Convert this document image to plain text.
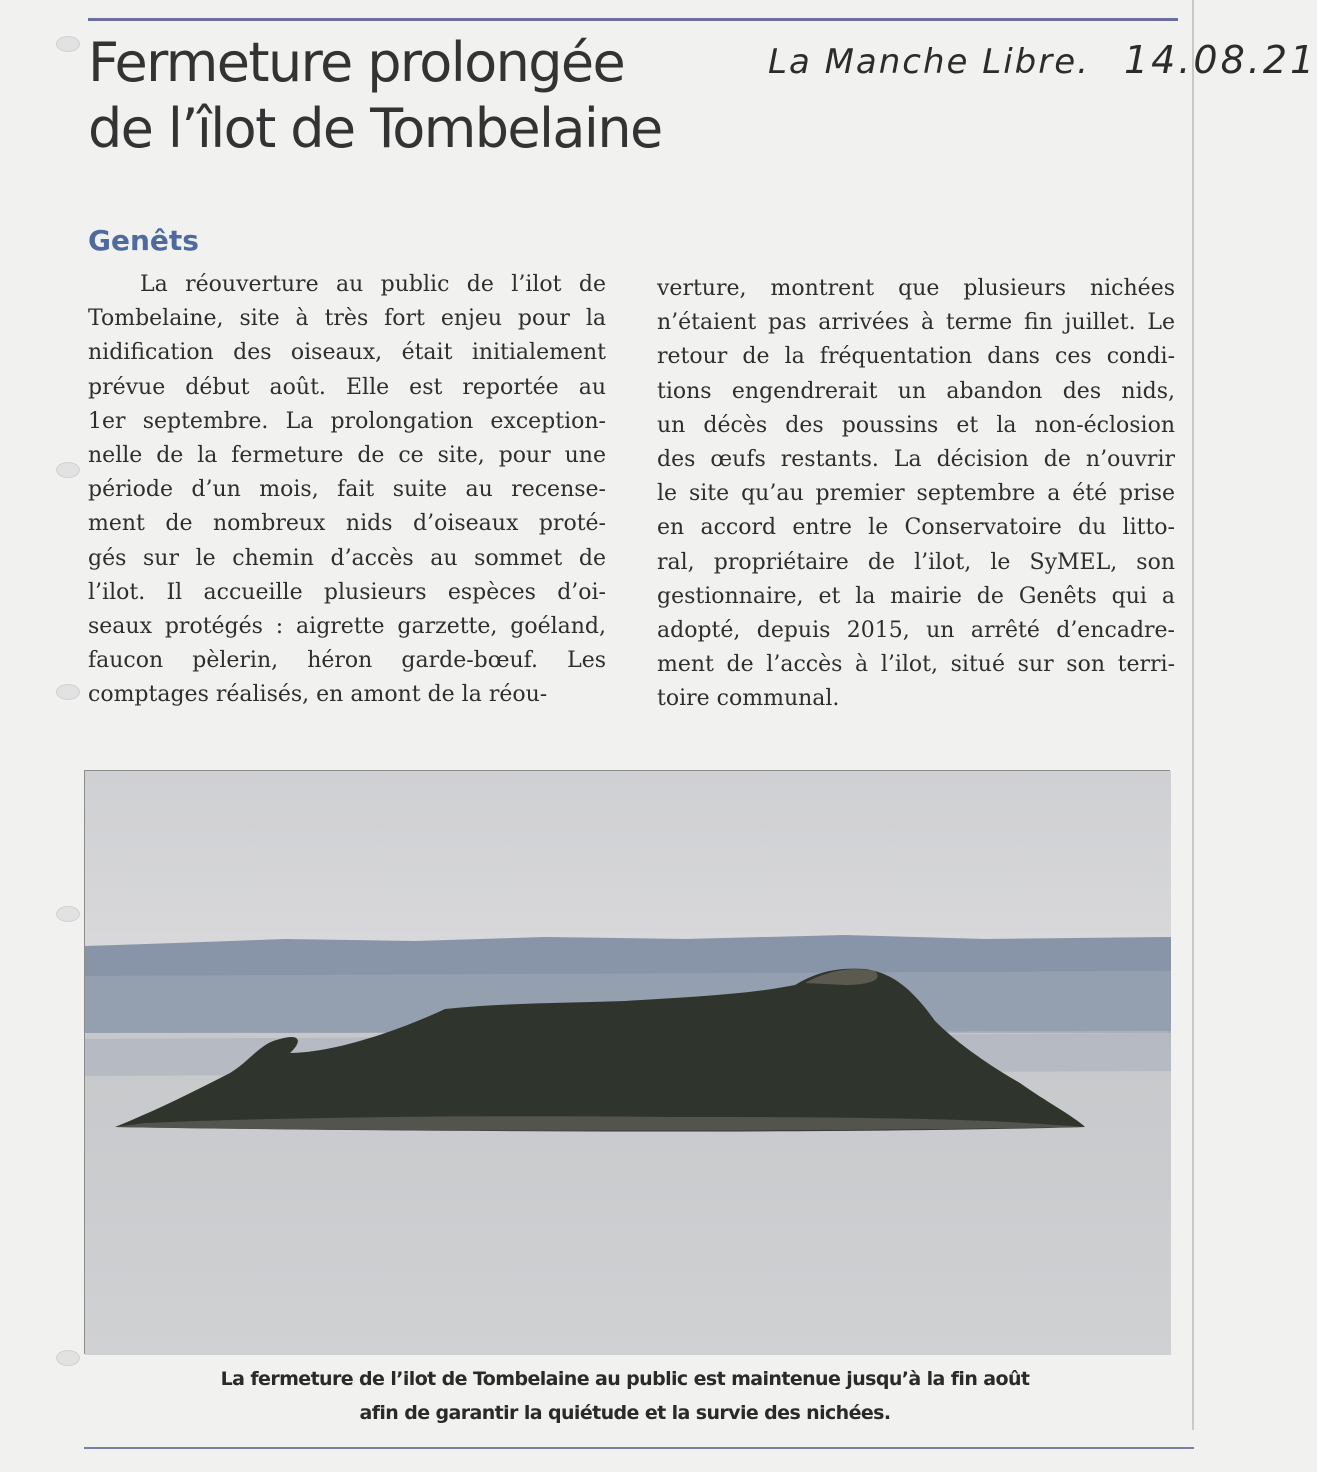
Fermeture prolongée
de l’îlot de Tombelaine
La Manche Libre. 14.08.21
Genêts

La réouverture au public de l’ilot de Tombelaine, site à très fort enjeu pour la nidification des oiseaux, était initialement prévue début août. Elle est reportée au 1er septembre. La prolongation exception- nelle de la fermeture de ce site, pour une période d’un mois, fait suite au recense- ment de nombreux nids d’oiseaux proté- gés sur le chemin d’accès au sommet de l’ilot. Il accueille plusieurs espèces d’oi- seaux protégés : aigrette garzette, goéland, faucon pèlerin, héron garde-bœuf. Les comptages réalisés, en amont de la réou-

verture, montrent que plusieurs nichées n’étaient pas arrivées à terme fin juillet. Le retour de la fréquentation dans ces condi- tions engendrerait un abandon des nids, un décès des poussins et la non-éclosion des œufs restants. La décision de n’ouvrir le site qu’au premier septembre a été prise en accord entre le Conservatoire du litto- ral, propriétaire de l’ilot, le SyMEL, son gestionnaire, et la mairie de Genêts qui a adopté, depuis 2015, un arrêté d’encadre- ment de l’accès à l’ilot, situé sur son terri- toire communal.

La fermeture de l’ilot de Tombelaine au public est maintenue jusqu’à la fin août
afin de garantir la quiétude et la survie des nichées.
